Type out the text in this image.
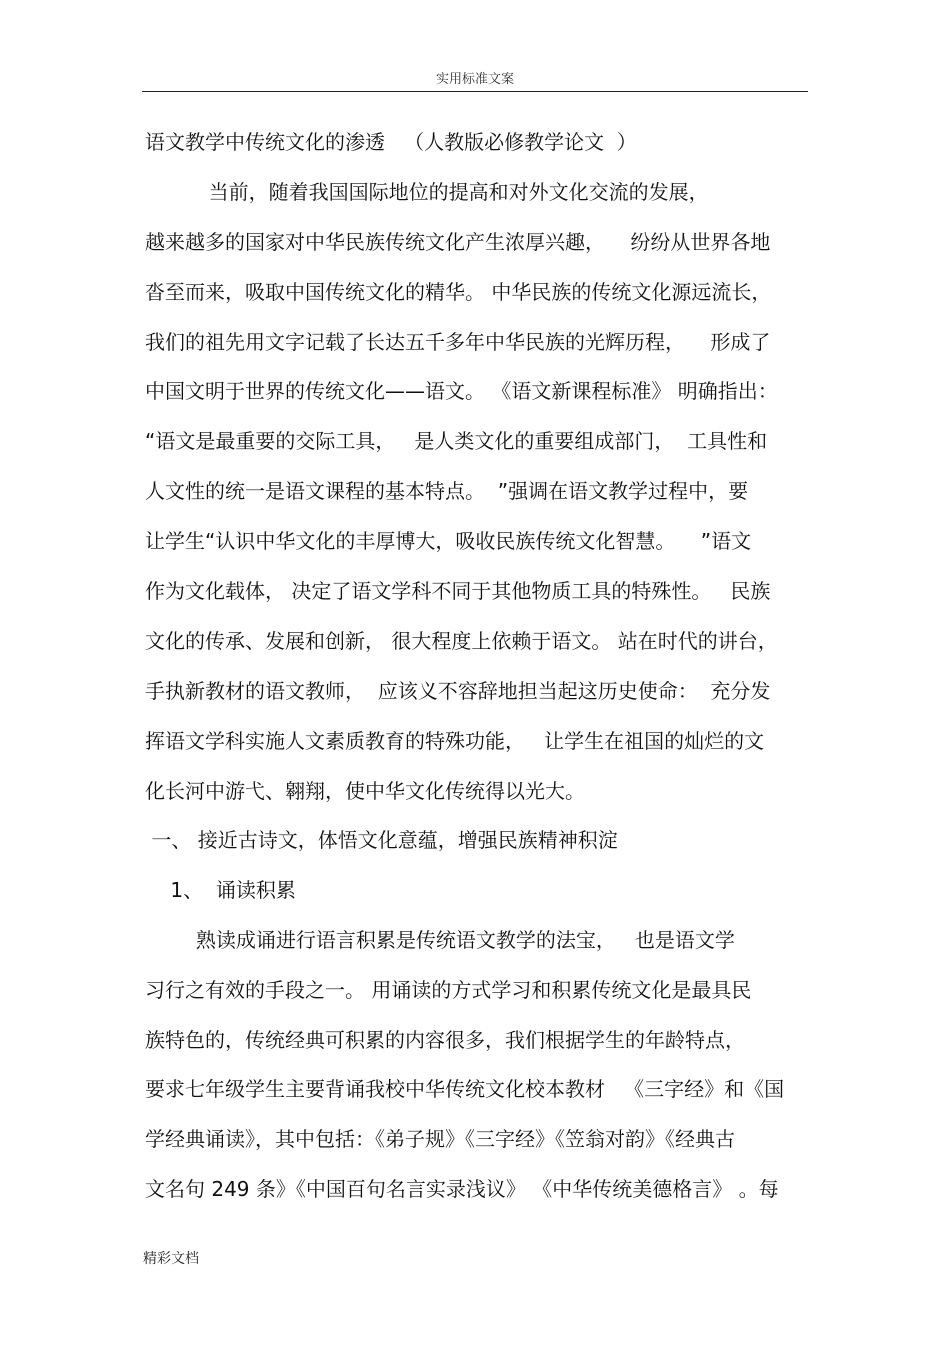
实用标准文案
语文教学中传统文化的渗透   （人教版必修教学论文  ）
当前，随着我国国际地位的提高和对外文化交流的发展，
越来越多的国家对中华民族传统文化产生浓厚兴趣，    纷纷从世界各地
沓至而来，吸取中国传统文化的精华。 中华民族的传统文化源远流长，
我们的祖先用文字记载了长达五千多年中华民族的光辉历程，    形成了
中国文明于世界的传统文化——语文。 《语文新课程标准》 明确指出：
“语文是最重要的交际工具，   是人类文化的重要组成部门，  工具性和
人文性的统一是语文课程的基本特点。  ”强调在语文教学过程中，要
让学生“认识中华文化的丰厚博大，吸收民族传统文化智慧。    ”语文
作为文化载体， 决定了语文学科不同于其他物质工具的特殊性。   民族
文化的传承、发展和创新， 很大程度上依赖于语文。 站在时代的讲台，
手执新教材的语文教师，  应该义不容辞地担当起这历史使命：  充分发
挥语文学科实施人文素质教育的特殊功能，   让学生在祖国的灿烂的文
化长河中游弋、翱翔，使中华文化传统得以光大。
一、 接近古诗文，体悟文化意蕴，增强民族精神积淀
1、  诵读积累
熟读成诵进行语言积累是传统语文教学的法宝，   也是语文学
习行之有效的手段之一。 用诵读的方式学习和积累传统文化是最具民
族特色的，传统经典可积累的内容很多，我们根据学生的年龄特点，
要求七年级学生主要背诵我校中华传统文化校本教材   《三字经》和《国
学经典诵读》，其中包括：《弟子规》《三字经》《笠翁对韵》《经典古
文名句 249 条》《中国百句名言实录浅议》 《中华传统美德格言》 。每
精彩文档
